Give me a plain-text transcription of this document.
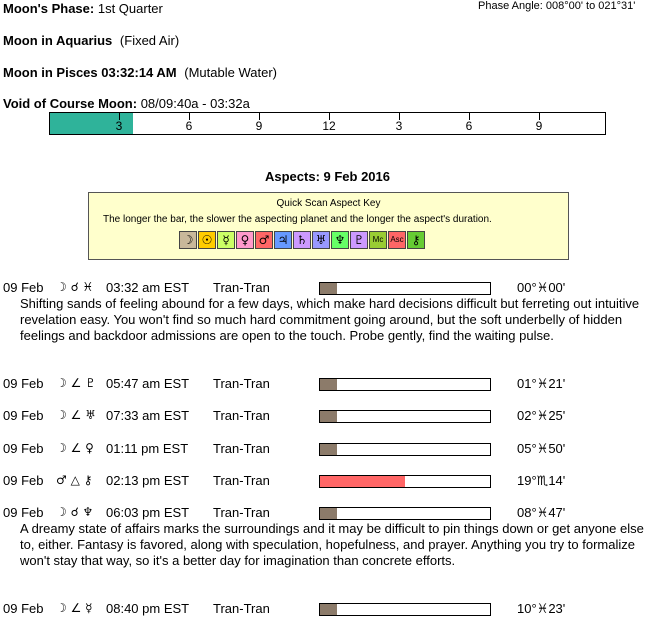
Moon's Phase: 1st Quarter	Phase Angle: 008°00' to 021°31'
Moon in Aquarius (Fixed Air)
Moon in Pisces 03:32:14 AM (Mutable Water)
Void of Course Moon: 08/09:40a - 03:32a
3	6	9	12	3	6	9
Aspects: 9 Feb 2016
Quick Scan Aspect Key
The longer the bar, the slower the aspecting planet and the longer the aspect's duration.
☽ ☉ ☿ ♀ ♂ ♃ ♄ ♅ ♆ ♇	Mc Asc ⚷
09 Feb ☽ ☌ ♓ 03:32 am EST Tran-Tran	00°♓00'
Shifting sands of feeling abound for a few days, which make hard decisions difficult but ferreting out intuitive revelation easy. You won't find so much hard commitment going around, but the soft underbelly of hidden feelings and backdoor admissions are open to the touch. Probe gently, find the waiting pulse.
09 Feb ☽ ∠ ♇ 05:47 am EST Tran-Tran	01°♓21'
09 Feb ☽ ∠ ♅ 07:33 am EST Tran-Tran	02°♓25'
09 Feb ☽ ∠ ♀ 01:11 pm EST Tran-Tran	05°♓50'
09 Feb ♂ △ ⚷ 02:13 pm EST Tran-Tran	19°♏14'
09 Feb ☽ ☌ ♆ 06:03 pm EST Tran-Tran	08°♓47'
A dreamy state of affairs marks the surroundings and it may be difficult to pin things down or get anyone else to, either. Fantasy is favored, along with speculation, hopefulness, and prayer. Anything you try to formalize won't stay that way, so it's a better day for imagination than concrete efforts.
09 Feb ☽ ∠ ☿ 08:40 pm EST Tran-Tran	10°♓23'
